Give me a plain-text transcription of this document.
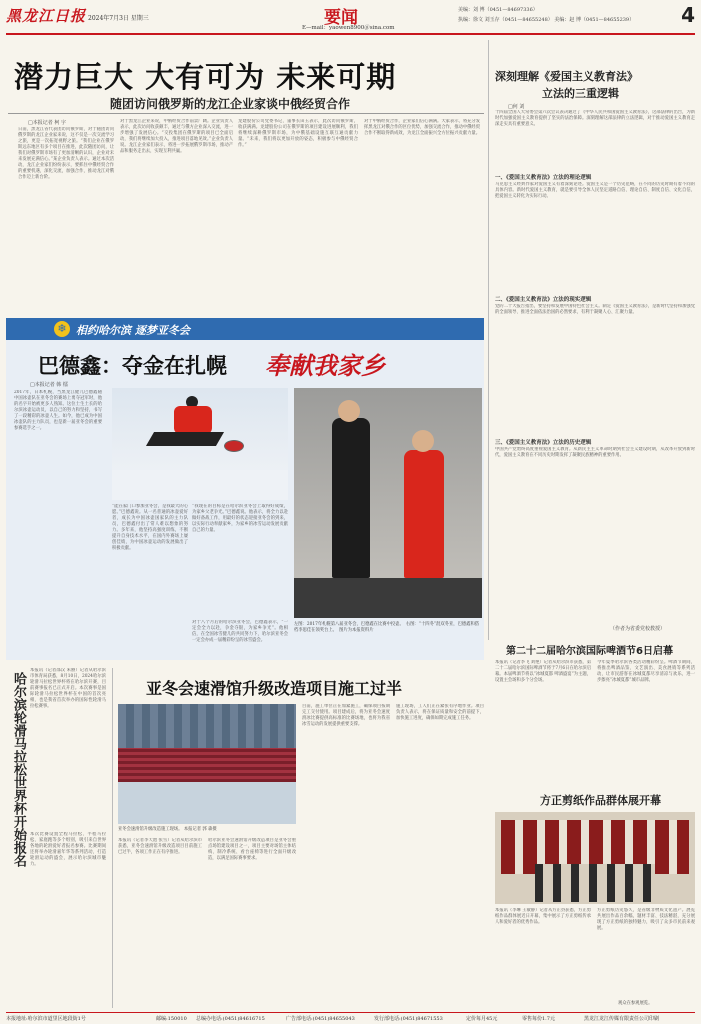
黑龙江日报 2024年7月3日 星期三	要闻
E—mail：yaowen8900＠sina.com
美编：刘 博（0451—84697336）
执编：徐文 刘玉存（0451—84655248） 美编：赵 博（0451—84655239） 4
潜力巨大 大有可为 未来可期
随团访问俄罗斯的龙江企业家谈中俄经贸合作
□本报记者 柯 宇
日前，黑龙江省代表团访问俄罗斯，对于随团访问俄罗斯的龙江企业家来说，这不仅是一次交流学习之旅，更是一次拓宽视野之旅。“我们企业在俄罗斯远东地区有多个项目在推进，此次随团访问，让我们对俄罗斯市场有了更加清晰的认识，企业对未来发展充满信心。”某企业负责人表示。通过本次活动，龙江企业家们纷纷表示，要抓住中俄经贸合作的重要机遇，深化交流，加强合作，推动龙江对俄合作迈上新台阶。
对于黑龙江企业来说，中俄经贸合作前景广阔。企业负责人表示，此次访问收获颇丰，通过与俄方企业深入交流，进一步增强了发展信心。“交投集团在俄罗斯的项目已全面启动，我们将继续加大投入，推进项目落地见效。”企业负责人说。龙江企业家们表示，将进一步拓展俄罗斯市场，推动产品和服务走出去，实现互利共赢。
龙建股份公司党委书记、董事长田玉表示，此次访问俄罗斯，收获满满。龙建股份公司在俄罗斯的项目建设进展顺利，我们将继续深耕俄罗斯市场，为中俄基础设施互联互通贡献力量。“未来，我们将以更加开放的姿态，积极参与中俄经贸合作。”
对于中俄经贸合作，企业家们信心满满。大家表示，将充分发挥黑龙江对俄合作的区位优势，加强交流合作，推动中俄经贸合作不断取得新成效，为龙江全面振兴全方位振兴贡献力量。
深刻理解《爱国主义教育法》
立法的三重逻辑
□何 刘
十四届全国人大常委会第六次会议表决通过了《中华人民共和国爱国主义教育法》，这部法律的出台，为新时代加强爱国主义教育提供了坚实的法治保障。深刻理解这部法律的立法逻辑，对于推动爱国主义教育走深走实具有重要意义。
一、《爱国主义教育法》立法的理论逻辑
马克思主义经典作家对爱国主义有着深刻论述。爱国主义是一个历史范畴，在不同的历史时期有着不同的具体内容。新时代爱国主义教育，就是要引导全体人民坚定道路自信、理论自信、制度自信、文化自信，把爱国主义转化为实际行动。
二、《爱国主义教育法》立法的现实逻辑
党的二十大报告指出，要坚持和发展中国特色社会主义。制定《爱国主义教育法》，是新时代坚持和加强党的全面领导、推进全面依法治国的必然要求，有利于凝聚人心、汇聚力量。
三、《爱国主义教育法》立法的历史逻辑
中国共产党始终高度重视爱国主义教育。从新民主主义革命时期到社会主义建设时期，从改革开放到新时代，爱国主义教育在不同历史时期发挥了凝聚民族精神的重要作用。
（作者为省委党校教授）
❄ 相约哈尔滨 逐梦亚冬会
巴德鑫：夺金在扎幌 奉献我家乡
□本报记者 韩 檑
2017年，日本札幌，当黑龙江健儿巴德鑫随中国冰壶队在亚冬会的赛场上勇夺冠军时，他的名字开始被更多人熟知。这位土生土长的哈尔滨冰壶运动员，以自己的努力和坚持，书写了一段精彩的冰壶人生。如今，他已成为中国冰壶队的主力队员，也是新一届亚冬会的重要参赛选手之一。
“能在家门口参加亚冬会，是我最大的心愿。”巴德鑫说。从一名普通的冰壶爱好者，成长为中国冰壶国家队的主力队员，巴德鑫付出了常人难以想象的努力。多年来，他坚持高强度训练，不断提升自身技术水平，在国内外赛场上屡创佳绩，为中国冰壶运动的发展做出了积极贡献。
“我现在的目标是在哈尔滨亚冬会上取得好成绩，为家乡父老争光。”巴德鑫说。他表示，将全力以赴做好备战工作，用最好的状态迎接亚冬会的到来，以实际行动奉献家乡，为家乡的冰雪运动发展贡献自己的力量。
左图：2017年札幌第八届亚冬会，巴德鑫在比赛中投壶。　右图：“十四冬”混双冬亚，巴德鑫和搭档李思佳在领奖台上。　图片为本报资料片
对于八个月后的哈尔滨亚冬会，巴德鑫表示，“一定会全力以赴，争金夺银，为家乡争光”。他相信，在全国冰雪健儿的共同努力下，哈尔滨亚冬会一定会办成一届精彩纷呈的冰雪盛会。
哈尔滨轮滑马拉松世界杯开始报名
本报讯（记者邵汉 朱丽）记者从哈尔滨市体育局获悉，8月10日，2024哈尔滨轮滑马拉松世界杯将在哈尔滨开赛，目前赛事报名已正式开启。本次赛事是国际轮滑马拉松世界杯在中国的首次亮相，也是我省首次举办的国际性轮滑马拉松赛事。
本次比赛设置全程马拉松、半程马拉松、家庭跑等多个组别，吸引来自世界各地的轮滑爱好者报名参赛。比赛期间还将举办轮滑嘉年华等系列活动，打造轮滑运动的盛会，展示哈尔滨城市魅力。
亚冬会速滑馆升级改造项目施工过半
亚冬会速滑馆升级改造施工现场。 本报记者 郭 森摄
本报讯（记者李天池 张雪）记者从哈尔滨市获悉，亚冬会速滑馆升级改造项目目前施工已过半，各项工作正在有序推进。
哈尔滨亚冬会速滑馆升级改造项目是亚冬会重点场馆建设项目之一，项目主要对场馆主体结构、制冷系统、看台座椅等进行全面升级改造，以满足国际赛事要求。
目前，施工单位正在加紧施工，确保项目按期完工交付使用。项目建成后，将为亚冬会速度滑冰比赛提供高标准的比赛场地，也将为我省冰雪运动的发展提供重要支撑。
施工现场，工人们正在紧张有序地作业。项目负责人表示，将在保证质量和安全的前提下，加快施工进度，确保如期完成施工任务。
第二十二届哈尔滨国际啤酒节6日启幕
本报讯（记者李飞 刘艳）记者从哈尔滨市获悉，第二十二届哈尔滨国际啤酒节将于7月6日在哈尔滨启幕。本届啤酒节将以“冰城夏都 啤酒盛宴”为主题，设置主会场和多个分会场。
今年夏季哈尔滨各类活动精彩纷呈。啤酒节期间，将推出啤酒品鉴、文艺演出、美食展销等系列活动，让市民游客在冰城夏都尽享清凉与欢乐，进一步擦亮“冰城夏都”城市品牌。
方正剪纸作品群体展开幕
本报讯（李琳 王敏静）记者从方正县获悉，方正剪纸作品群体展近日开幕，集中展示了方正剪纸传承人和爱好者的优秀作品。
方正剪纸历史悠久，是省级非物质文化遗产。展览共展出作品百余幅，题材丰富、技法精湛，充分展现了方正剪纸的独特魅力，吸引了众多市民前来观展。
观众在参观展览。
本报地址:哈尔滨市道里区地段街1号	邮编:150010 总编办电话:(0451)84616715	广告部电话:(0451)84655043	发行部电话:(0451)84671553	定价每月45元	零售每份1.7元	黑龙江龙江传媒有限责任公司印刷
